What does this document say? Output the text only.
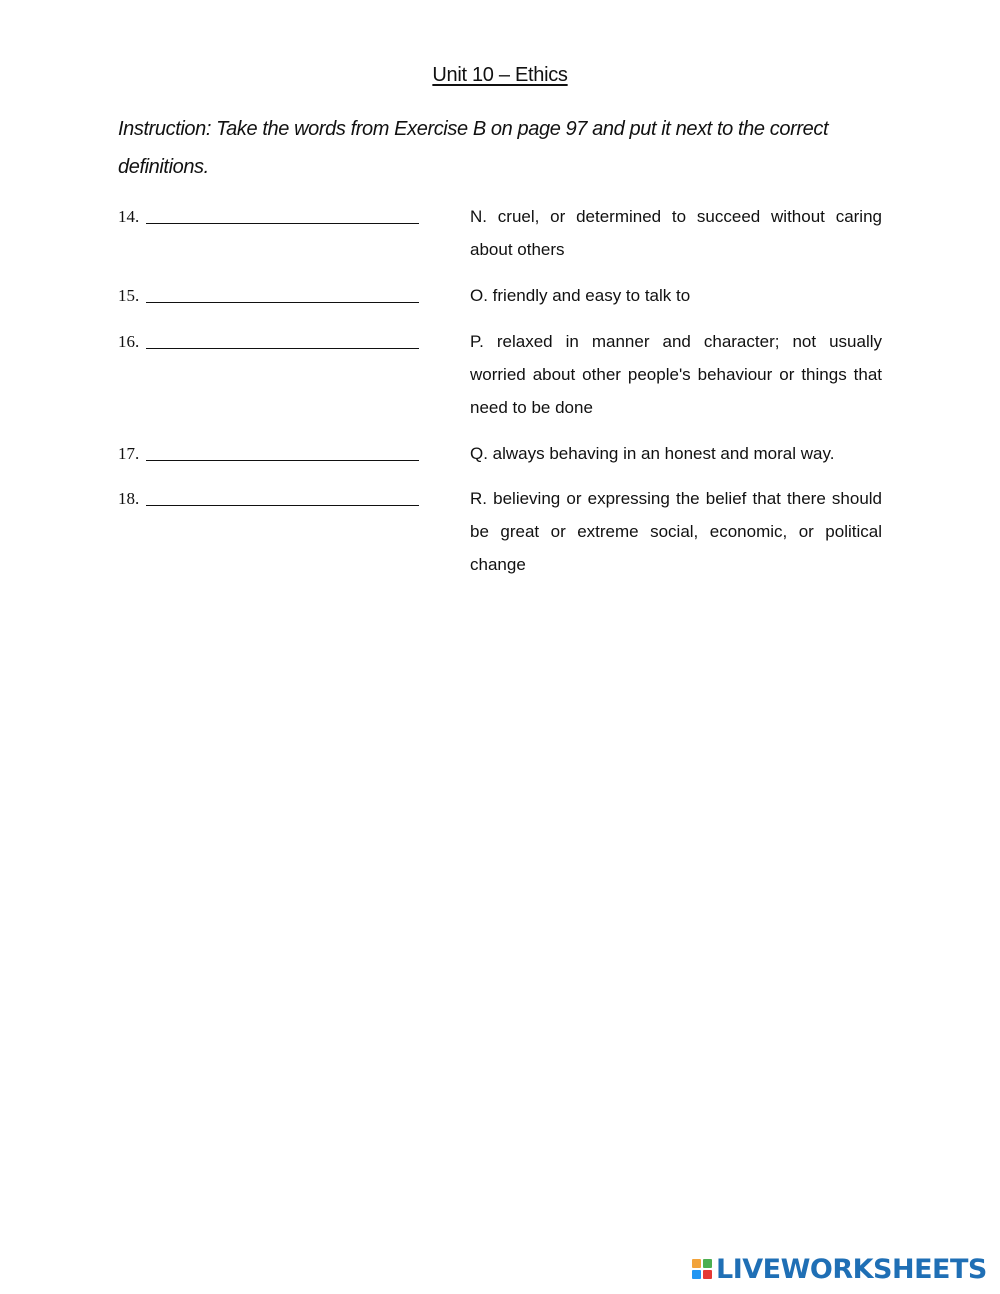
Unit 10 – Ethics
Instruction: Take the words from Exercise B on page 97 and put it next to the correct definitions.
14.	N. cruel, or determined to succeed without caring about others
15.	O. friendly and easy to talk to
16.	P. relaxed in manner and character; not usually worried about other people's behaviour or things that need to be done
17.	Q. always behaving in an honest and moral way.
18.	R. believing or expressing the belief that there should be great or extreme social, economic, or political change
LIVEWORKSHEETS
